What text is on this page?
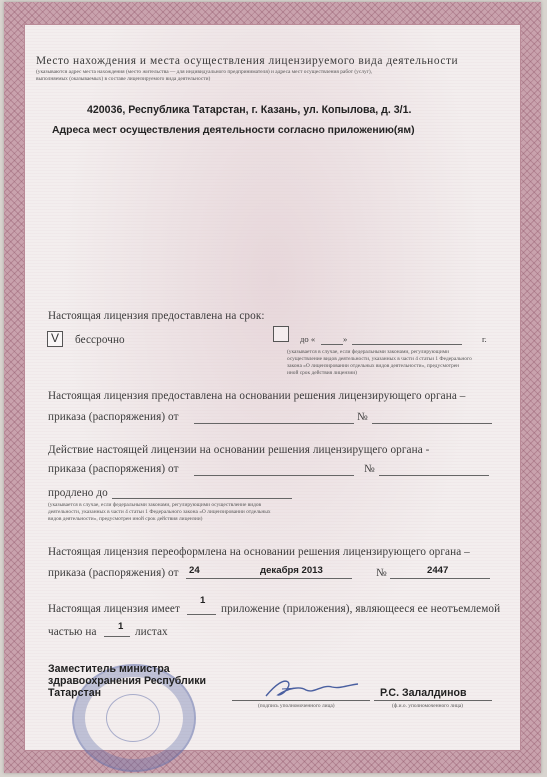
Место нахождения и места осуществления лицензируемого вида деятельности
(указываются адрес места нахождения (место жительства — для индивидуального предпринимателя) и адреса мест осуществления работ (услуг),
выполняемых (оказываемых) в составе лицензируемого вида деятельности)
420036, Республика Татарстан, г. Казань, ул. Копылова, д. 3/1.
Адреса мест осуществления деятельности согласно приложению(ям)
Настоящая лицензия предоставлена на срок:
V бессрочно	до «	»	г.
(указывается в случае, если федеральными законами, регулирующими
осуществление видов деятельности, указанных в части 4 статьи 1 Федерального
закона «О лицензировании отдельных видов деятельности», предусмотрен
иной срок действия лицензии)
Настоящая лицензия предоставлена на основании решения лицензирующего органа –
приказа (распоряжения) от	№
Действие настоящей лицензии на основании решения лицензирущего органа -
приказа (распоряжения) от	№
продлено до
(указывается в случае, если федеральными законами, регулирующими осуществление видов
деятельности, указанных в части 4 статьи 1 Федерального закона «О лицензировании отдельных
видов деятельности», предусмотрен иной срок действия лицензии)
Настоящая лицензия переоформлена на основании решения лицензирующего органа –
приказа (распоряжения) от 24	декабря 2013	№	2447
Настоящая лицензия имеет
1
приложение (приложения), являющееся ее неотъемлемой
частью на 1 листах
Заместитель министра
здравоохранения Республики
Татарстан
(подпись уполномоченного лица)
Р.С. Залалдинов
(ф.и.о. уполномоченного лица)
